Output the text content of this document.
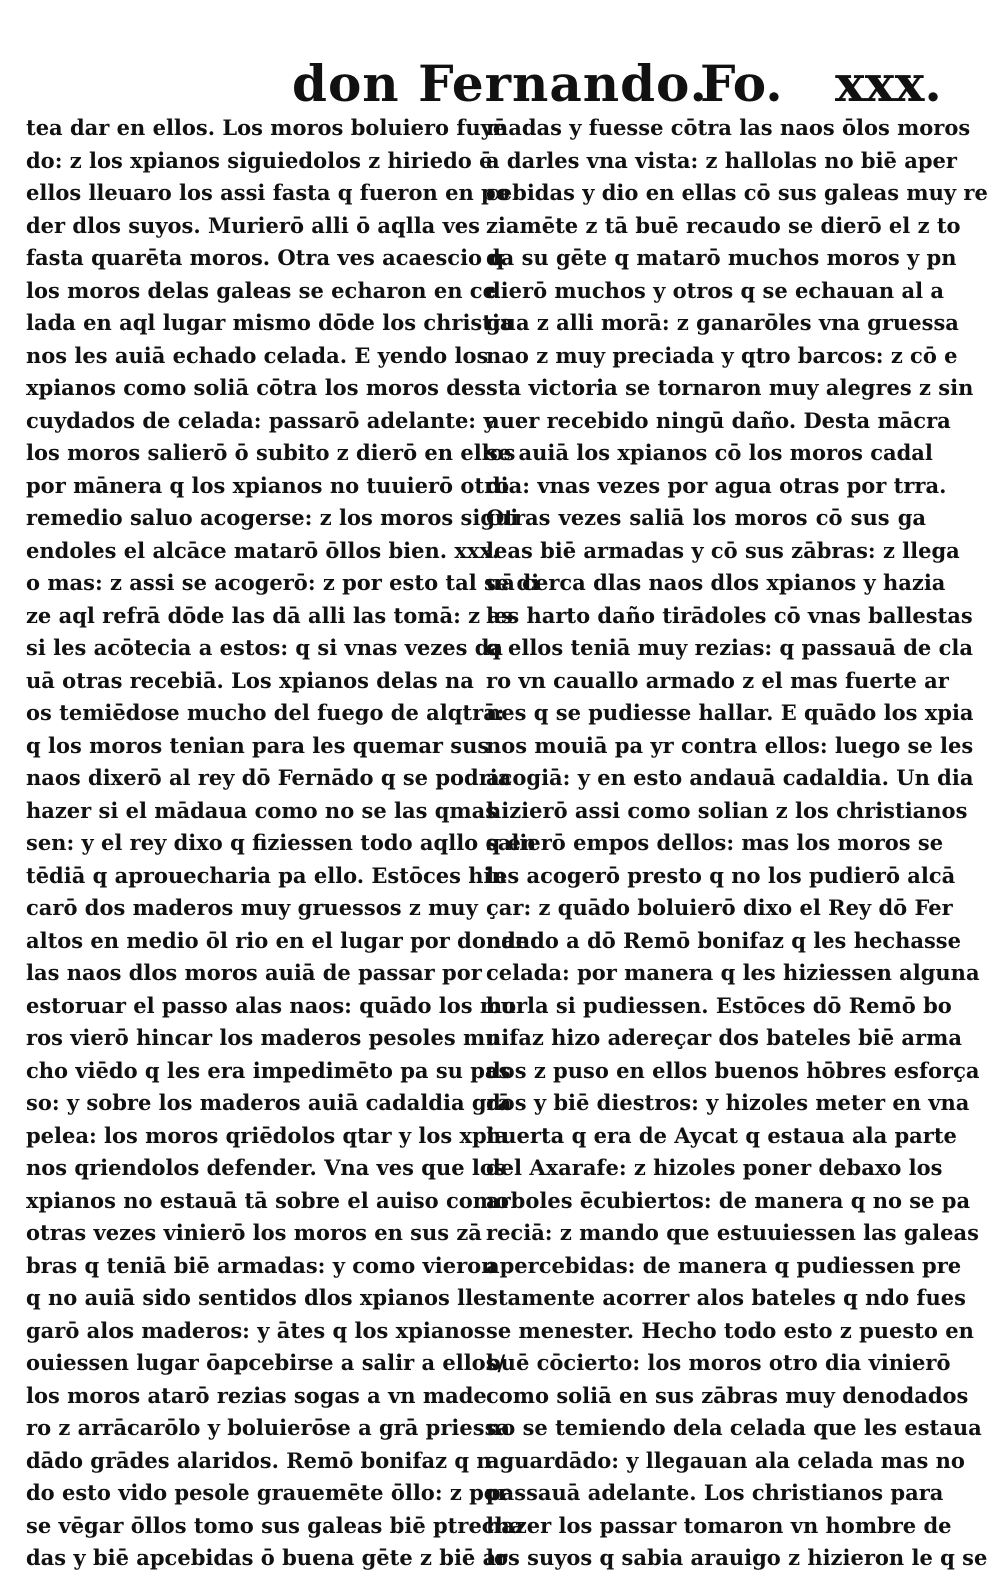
don Fernando.
Fo. xxx.
tea dar en ellos. Los moros boluiero fuyē
do: z los xpianos siguiedolos z hiriedo ē
ellos lleuaro los assi fasta q fueron en po
der dlos suyos. Murierō alli ō aqlla ves
fasta quarēta moros. Otra ves acaescio q
los moros delas galeas se echaron en ce
lada en aql lugar mismo dōde los christia
nos les auiā echado celada. E yendo los
xpianos como soliā cōtra los moros des
cuydados de celada: passarō adelante: y
los moros salierō ō subito z dierō en ellos
por mānera q los xpianos no tuuierō otro
remedio saluo acogerse: z los moros sigui
endoles el alcāce matarō ōllos bien. xxx.
o mas: z assi se acogerō: z por esto tal se di
ze aql refrā dōde las dā alli las tomā: z as
si les acōtecia a estos: q si vnas vezes da
uā otras recebiā. Los xpianos delas na
os temiēdose mucho del fuego de alqtrā:
q los moros tenian para les quemar sus
naos dixerō al rey dō Fernādo q se podria
hazer si el mādaua como no se las qmas
sen: y el rey dixo q fiziessen todo aqllo q en
tēdiā q aprouecharia pa ello. Estōces hin
carō dos maderos muy gruessos z muy
altos en medio ōl rio en el lugar por donde
las naos dlos moros auiā de passar por
estoruar el passo alas naos: quādo los mo
ros vierō hincar los maderos pesoles mu
cho viēdo q les era impedimēto pa su pas
so: y sobre los maderos auiā cadaldia grā
pelea: los moros qriēdolos qtar y los xpia
nos qriendolos defender. Vna ves que los
xpianos no estauā tā sobre el auiso como
otras vezes vinierō los moros en sus zā
bras q teniā biē armadas: y como vieron
q no auiā sido sentidos dlos xpianos lle
garō alos maderos: y ātes q los xpianos
ouiessen lugar ōapcebirse a salir a ellos/
los moros atarō rezias sogas a vn made
ro z arrācarōlo y boluierōse a grā priessa
dādo grādes alaridos. Remō bonifaz q n
do esto vido pesole grauemēte ōllo: z por
se vēgar ōllos tomo sus galeas biē ptrecha
das y biē apcebidas ō buena gēte z biē ar
madas y fuesse cōtra las naos ōlos moros
a darles vna vista: z hallolas no biē aper
cebidas y dio en ellas cō sus galeas muy re
ziamēte z tā buē recaudo se dierō el z to
da su gēte q matarō muchos moros y pn
dierō muchos y otros q se echauan al a
gua z alli morā: z ganarōles vna gruessa
nao z muy preciada y qtro barcos: z cō e
sta victoria se tornaron muy alegres z sin
auer recebido ningū daño. Desta mācra
se auiā los xpianos cō los moros cadal
dia: vnas vezes por agua otras por trra.
Otras vezes saliā los moros cō sus ga
leas biē armadas y cō sus zābras: z llega
uā cerca dlas naos dlos xpianos y hazia
les harto daño tirādoles cō vnas ballestas
q ellos teniā muy rezias: q passauā de cla
ro vn cauallo armado z el mas fuerte ar
nes q se pudiesse hallar. E quādo los xpia
nos mouiā pa yr contra ellos: luego se les
acogiā: y en esto andauā cadaldia. Un dia
hizierō assi como solian z los christianos
salierō empos dellos: mas los moros se
les acogerō presto q no los pudierō alcā
çar: z quādo boluierō dixo el Rey dō Fer
nando a dō Remō bonifaz q les hechasse
celada: por manera q les hiziessen alguna
burla si pudiessen. Estōces dō Remō bo
nifaz hizo adereçar dos bateles biē arma
dos z puso en ellos buenos hōbres esforça
dos y biē diestros: y hizoles meter en vna
huerta q era de Aycat q estaua ala parte
del Axarafe: z hizoles poner debaxo los
arboles ēcubiertos: de manera q no se pa
reciā: z mando que estuuiessen las galeas
apercebidas: de manera q pudiessen pre
stamente acorrer alos bateles q ndo fues
se menester. Hecho todo esto z puesto en
buē cōcierto: los moros otro dia vinierō
como soliā en sus zābras muy denodados
no se temiendo dela celada que les estaua
aguardādo: y llegauan ala celada mas no
passauā adelante. Los christianos para
hazer los passar tomaron vn hombre de
los suyos q sabia arauigo z hizieron le q se
